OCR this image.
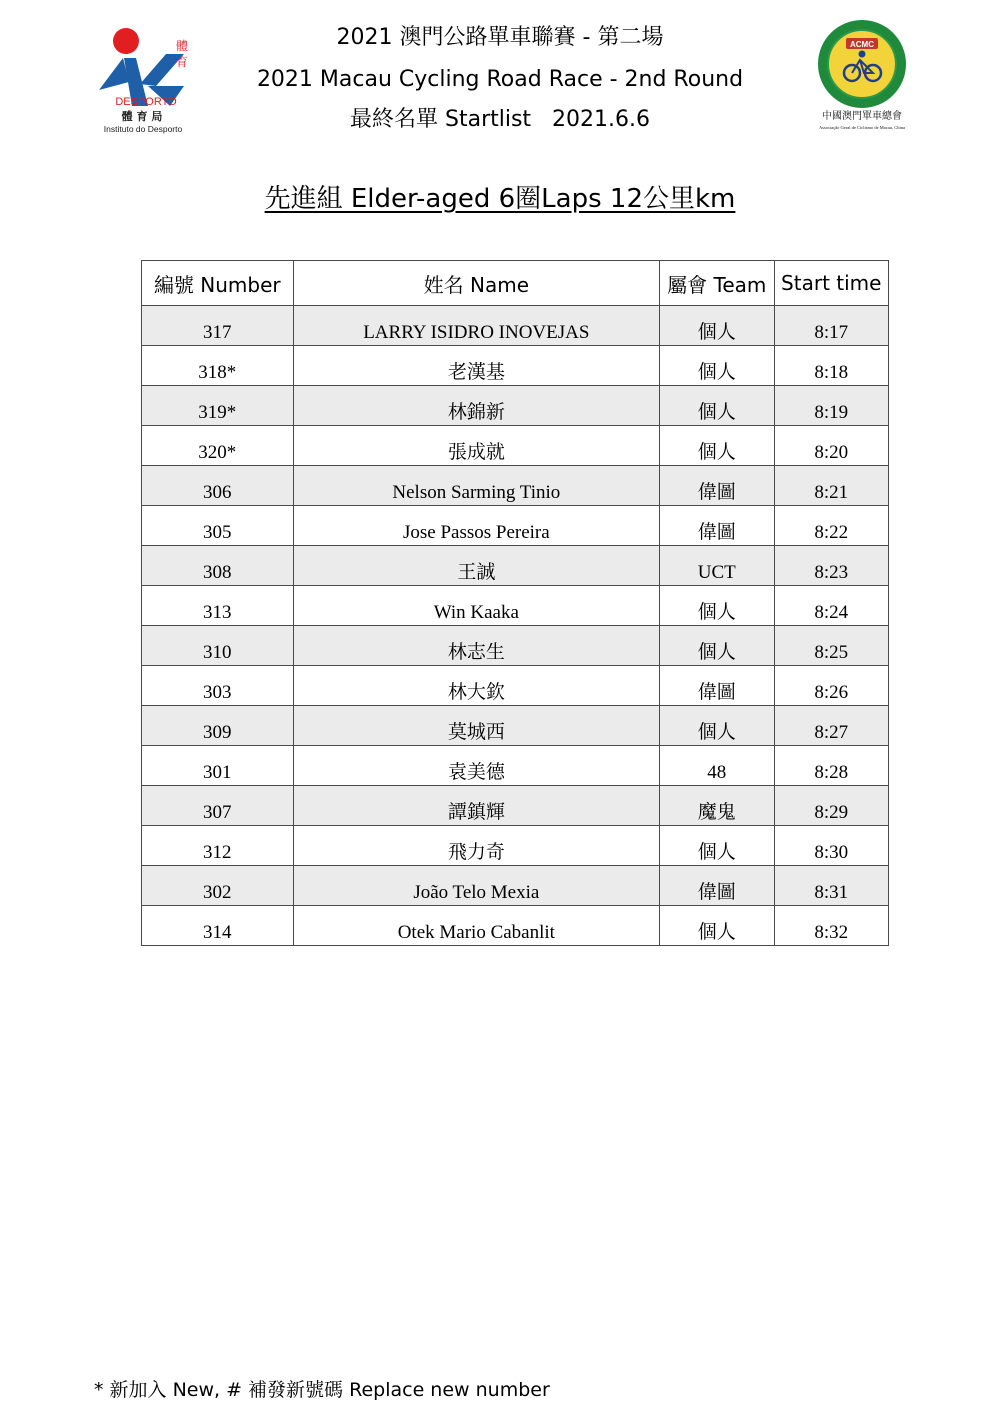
體
育
DESPORTO
體 育 局
Instituto do Desporto
2021 澳門公路單車聯賽 - 第二場
2021 Macau Cycling Road Race - 2nd Round
最終名單 Startlist   2021.6.6
ACMC
中國澳門單車總會
Associação Geral de Ciclismo de Macau, China
先進組 Elder-aged 6圈Laps 12公里km
編號 Number	姓名 Name	屬會 Team	Start time
317	LARRY ISIDRO INOVEJAS	個人	8:17
318*	老漢基	個人	8:18
319*	林錦新	個人	8:19
320*	張成就	個人	8:20
306	Nelson Sarming Tinio	偉圖	8:21
305	Jose Passos Pereira	偉圖	8:22
308	王誠	UCT	8:23
313	Win Kaaka	個人	8:24
310	林志生	個人	8:25
303	林大欽	偉圖	8:26
309	莫城西	個人	8:27
301	袁美德	48	8:28
307	譚鎮輝	魔鬼	8:29
312	飛力奇	個人	8:30
302	João Telo Mexia	偉圖	8:31
314	Otek Mario Cabanlit	個人	8:32
* 新加入 New, # 補發新號碼 Replace new number
